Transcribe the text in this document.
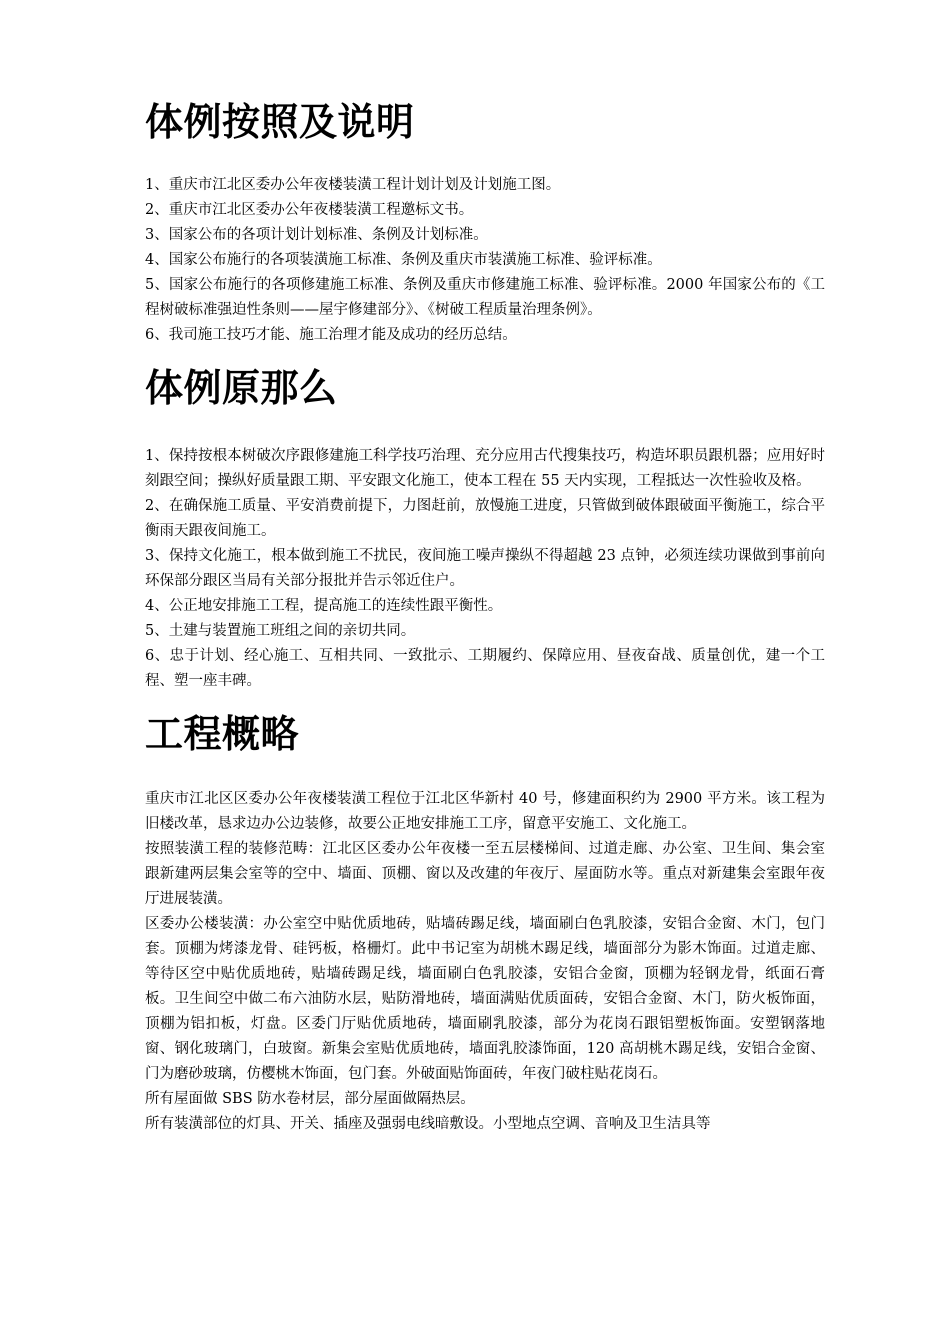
体例按照及说明

1、重庆市江北区委办公年夜楼装潢工程计划计划及计划施工图。

2、重庆市江北区委办公年夜楼装潢工程邀标文书。

3、国家公布的各项计划计划标准、条例及计划标准。

4、国家公布施行的各项装潢施工标准、条例及重庆市装潢施工标准、验评标准。

5、国家公布施行的各项修建施工标准、条例及重庆市修建施工标准、验评标准。2000 年国家公布的《工程树破标准强迫性条则——屋宇修建部分》、《树破工程质量治理条例》。

6、我司施工技巧才能、施工治理才能及成功的经历总结。

体例原那么

1、保持按根本树破次序跟修建施工科学技巧治理、充分应用古代搜集技巧，构造坏职员跟机器；应用好时刻跟空间；操纵好质量跟工期、平安跟文化施工，使本工程在 55 天内实现，工程抵达一次性验收及格。

2、在确保施工质量、平安消费前提下，力图赶前，放慢施工进度，只管做到破体跟破面平衡施工，综合平衡雨天跟夜间施工。

3、保持文化施工，根本做到施工不扰民，夜间施工噪声操纵不得超越 23 点钟，必须连续功课做到事前向环保部分跟区当局有关部分报批并告示邻近住户。

4、公正地安排施工工程，提高施工的连续性跟平衡性。

5、土建与装置施工班组之间的亲切共同。

6、忠于计划、经心施工、互相共同、一致批示、工期履约、保障应用、昼夜奋战、质量创优，建一个工程、塑一座丰碑。

工程概略

重庆市江北区区委办公年夜楼装潢工程位于江北区华新村 40 号，修建面积约为 2900 平方米。该工程为旧楼改革，恳求边办公边装修，故要公正地安排施工工序，留意平安施工、文化施工。

按照装潢工程的装修范畴：江北区区委办公年夜楼一至五层楼梯间、过道走廊、办公室、卫生间、集会室跟新建两层集会室等的空中、墙面、顶棚、窗以及改建的年夜厅、屋面防水等。重点对新建集会室跟年夜厅进展装潢。

区委办公楼装潢：办公室空中贴优质地砖，贴墙砖踢足线，墙面刷白色乳胶漆，安铝合金窗、木门，包门套。顶棚为烤漆龙骨、硅钙板，格栅灯。此中书记室为胡桃木踢足线，墙面部分为影木饰面。过道走廊、等待区空中贴优质地砖，贴墙砖踢足线，墙面刷白色乳胶漆，安铝合金窗，顶棚为轻钢龙骨，纸面石膏板。卫生间空中做二布六油防水层，贴防滑地砖，墙面满贴优质面砖，安铝合金窗、木门，防火板饰面，顶棚为铝扣板，灯盘。区委门厅贴优质地砖，墙面刷乳胶漆，部分为花岗石跟铝塑板饰面。安塑钢落地窗、钢化玻璃门，白玻窗。新集会室贴优质地砖，墙面乳胶漆饰面，120 高胡桃木踢足线，安铝合金窗、门为磨砂玻璃，仿樱桃木饰面，包门套。外破面贴饰面砖，年夜门破柱贴花岗石。

所有屋面做 SBS 防水卷材层，部分屋面做隔热层。

所有装潢部位的灯具、开关、插座及强弱电线暗敷设。小型地点空调、音响及卫生洁具等
